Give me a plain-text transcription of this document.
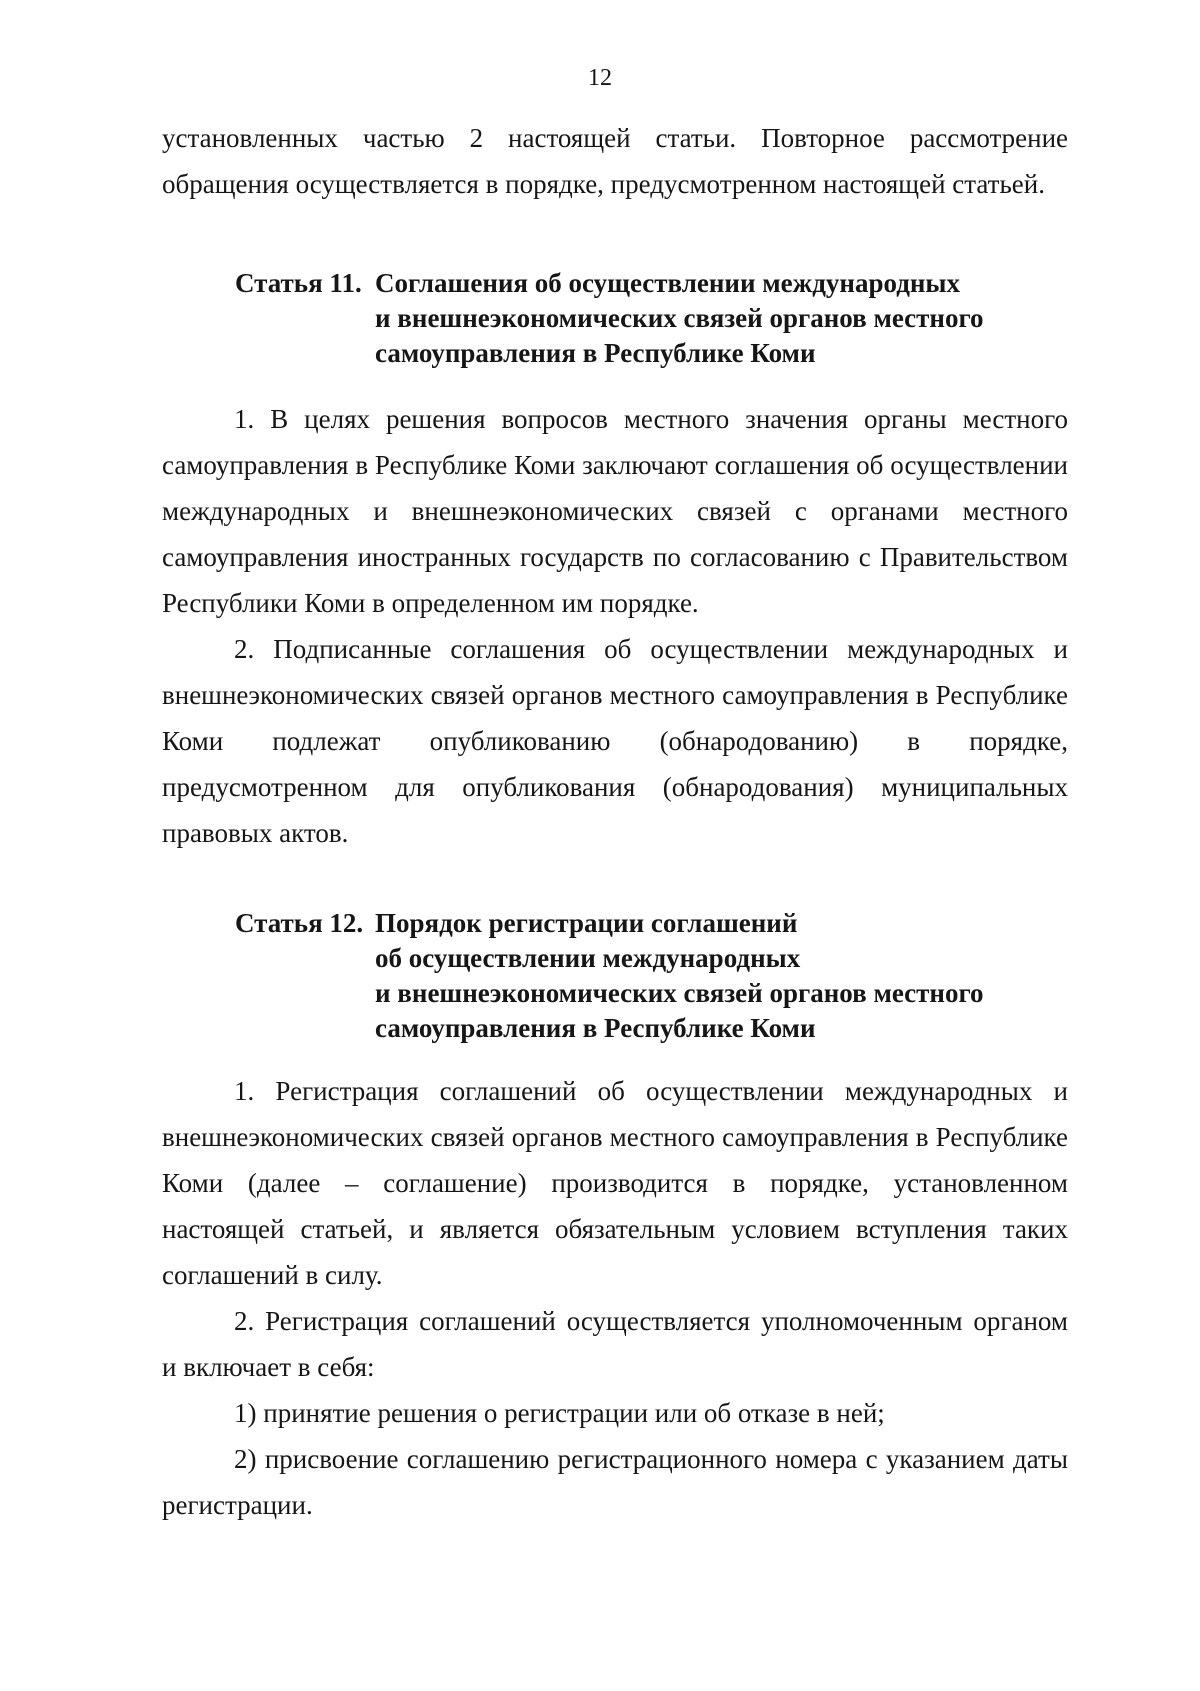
12

установленных частью 2 настоящей статьи. Повторное рассмотрение обращения осуществляется в порядке, предусмотренном настоящей статьей.

Статья 11. Соглашения об осуществлении международных
и внешнеэкономических связей органов местного
самоуправления в Республике Коми

1. В целях решения вопросов местного значения органы местного самоуправления в Республике Коми заключают соглашения об осуществлении международных и внешнеэкономических связей с органами местного самоуправления иностранных государств по согласованию с Правительством Республики Коми в определенном им порядке.

2. Подписанные соглашения об осуществлении международных и внешнеэкономических связей органов местного самоуправления в Республике Коми подлежат опубликованию (обнародованию) в порядке, предусмотренном для опубликования (обнародования) муниципальных правовых актов.

Статья 12. Порядок регистрации соглашений
об осуществлении международных
и внешнеэкономических связей органов местного
самоуправления в Республике Коми

1. Регистрация соглашений об осуществлении международных и внешнеэкономических связей органов местного самоуправления в Республике Коми (далее – соглашение) производится в порядке, установленном настоящей статьей, и является обязательным условием вступления таких соглашений в силу.

2. Регистрация соглашений осуществляется уполномоченным органом и включает в себя:

1) принятие решения о регистрации или об отказе в ней;

2) присвоение соглашению регистрационного номера с указанием даты регистрации.
